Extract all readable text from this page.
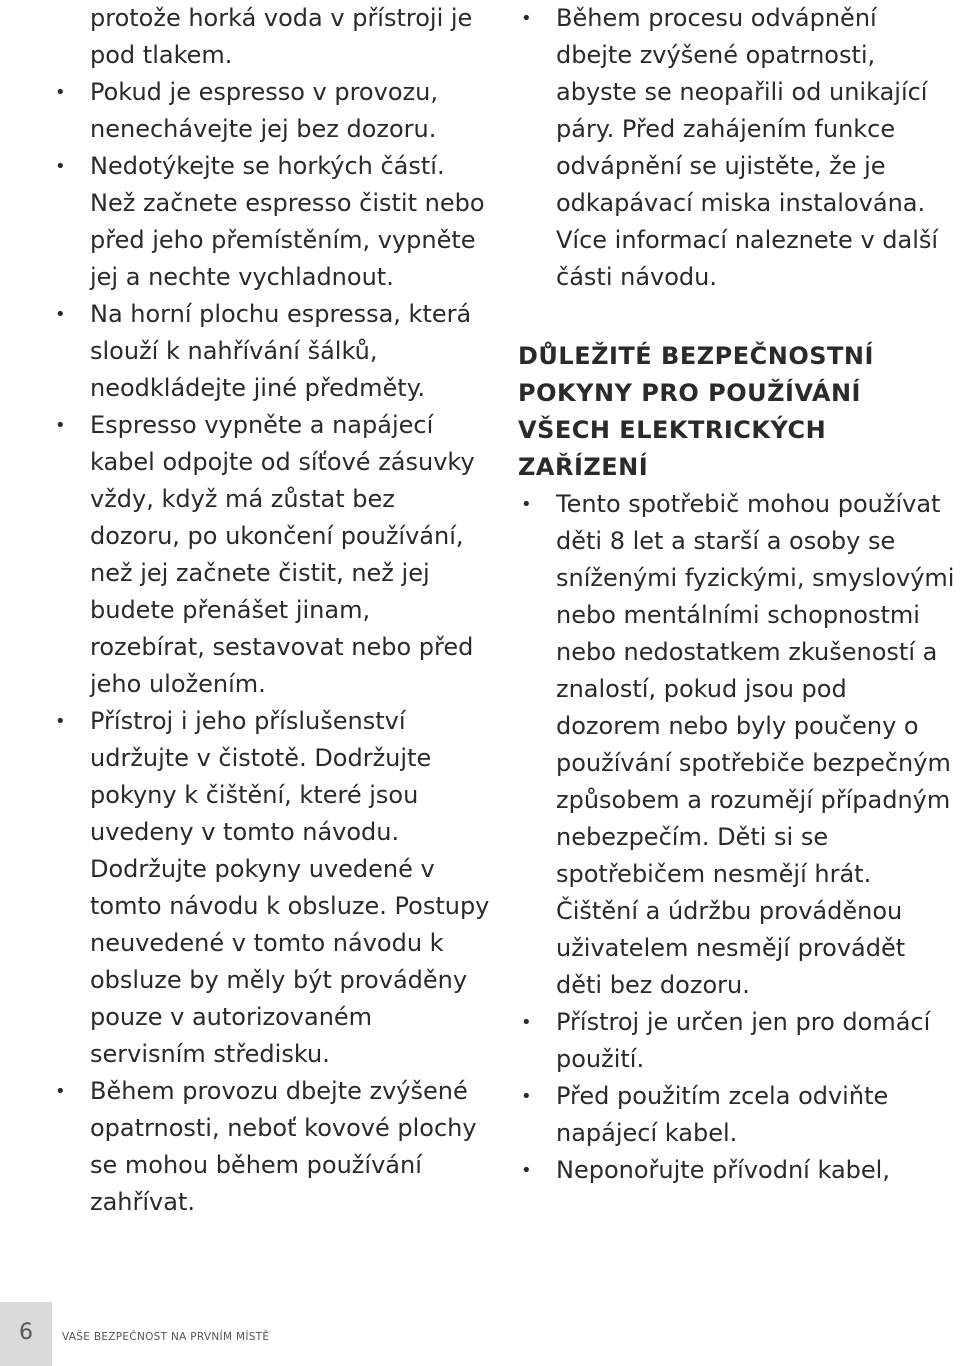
protože horká voda v přístroji je pod tlakem.

• Pokud je espresso v provozu, nenechávejte jej bez dozoru.
• Nedotýkejte se horkých částí. Než začnete espresso čistit nebo před jeho přemístěním, vypněte jej a nechte vychladnout.
• Na horní plochu espressa, která slouží k nahřívání šálků, neodkládejte jiné předměty.
• Espresso vypněte a napájecí kabel odpojte od síťové zásuvky vždy, když má zůstat bez dozoru, po ukončení používání, než jej začnete čistit, než jej budete přenášet jinam, rozebírat, sestavovat nebo před jeho uložením.
• Přístroj i jeho příslušenství udržujte v čistotě. Dodržujte pokyny k čištění, které jsou uvedeny v tomto návodu. Dodržujte pokyny uvedené v tomto návodu k obsluze. Postupy neuvedené v tomto návodu k obsluze by měly být prováděny pouze v autorizovaném servisním středisku.
• Během provozu dbejte zvýšené opatrnosti, neboť kovové plochy se mohou během používání zahřívat.
• Během procesu odvápnění dbejte zvýšené opatrnosti, abyste se neopařili od unikající páry. Před zahájením funkce odvápnění se ujistěte, že je odkapávací miska instalována. Více informací naleznete v další části návodu.
DŮLEŽITÉ BEZPEČNOSTNÍ
POKYNY PRO POUŽÍVÁNÍ
VŠECH ELEKTRICKÝCH
ZAŘÍZENÍ
• Tento spotřebič mohou používat děti 8 let a starší a osoby se sníženými fyzickými, smyslovými nebo mentálními schopnostmi nebo nedostatkem zkušeností a znalostí, pokud jsou pod dozorem nebo byly poučeny o používání spotřebiče bezpečným způsobem a rozumějí případným nebezpečím. Děti si se spotřebičem nesmějí hrát. Čištění a údržbu prováděnou uživatelem nesmějí provádět děti bez dozoru.
• Přístroj je určen jen pro domácí použití.
• Před použitím zcela odviňte napájecí kabel.
• Neponořujte přívodní kabel,
6	VAŠE BEZPEČNOST NA PRVNÍM MÍSTĚ
